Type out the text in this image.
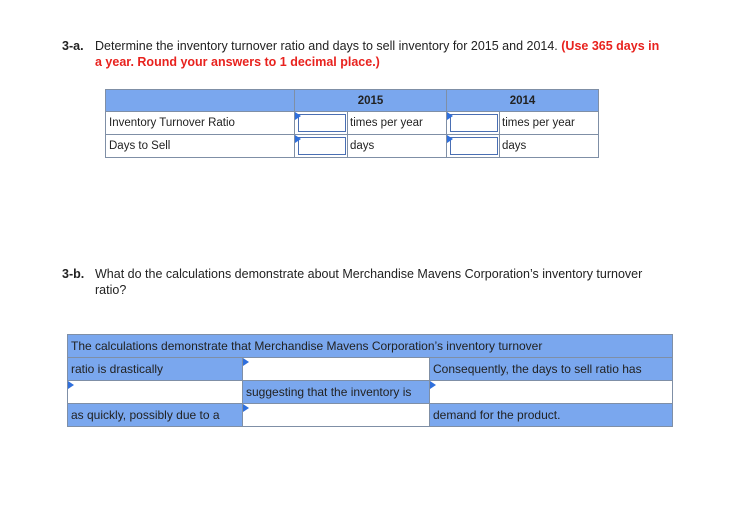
3-a. Determine the inventory turnover ratio and days to sell inventory for 2015 and 2014. (Use 365 days in
a year. Round your answers to 1 decimal place.)
	2015		2014	
Inventory Turnover Ratio		times per year		times per year
Days to Sell		days		days
3-b. What do the calculations demonstrate about Merchandise Mavens Corporation’s inventory turnover
ratio?
The calculations demonstrate that Merchandise Mavens Corporation’s inventory turnover		
ratio is drastically		Consequently, the days to sell ratio has

	suggesting that the inventory is	

as quickly, possibly due to a		demand for the product.
